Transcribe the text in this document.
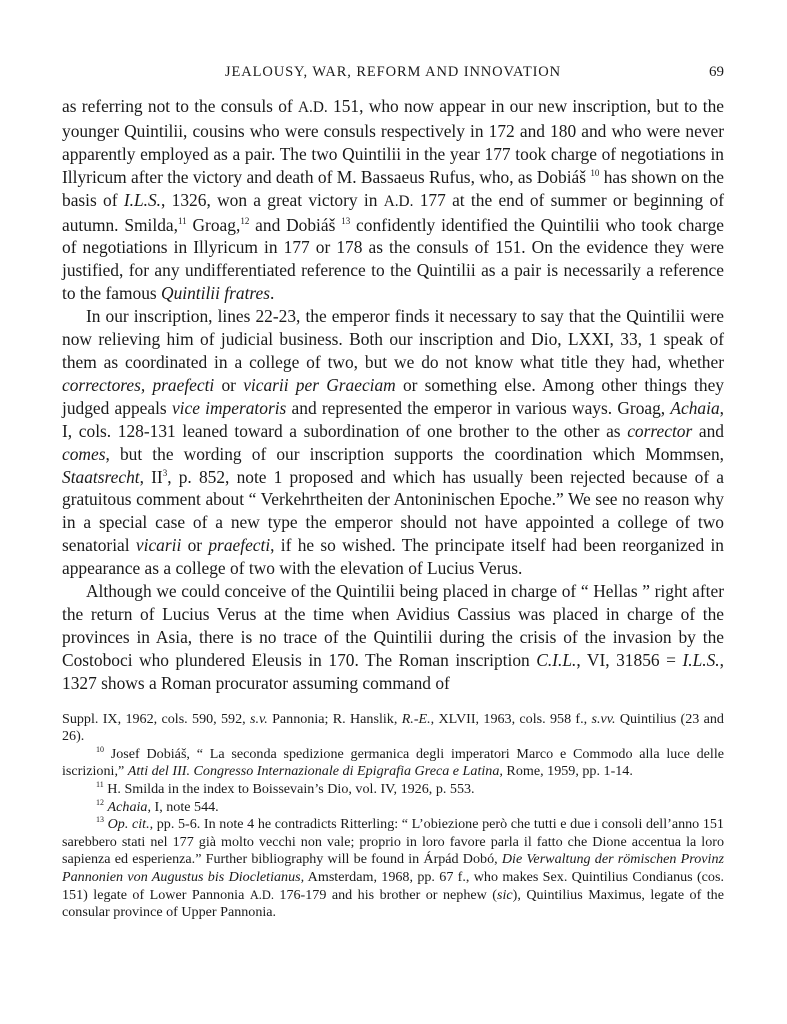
JEALOUSY, WAR, REFORM AND INNOVATION	69

as referring not to the consuls of A.D. 151, who now appear in our new inscription, but to the younger Quintilii, cousins who were consuls respectively in 172 and 180 and who were never apparently employed as a pair. The two Quintilii in the year 177 took charge of negotiations in Illyricum after the victory and death of M. Bassaeus Rufus, who, as Dobiáš $^{10}$ has shown on the basis of I.L.S., 1326, won a great victory in A.D. 177 at the end of summer or beginning of autumn. Smilda,$^{11}$ Groag,$^{12}$ and Dobiáš $^{13}$ confidently identified the Quintilii who took charge of negotiations in Illyricum in 177 or 178 as the consuls of 151. On the evidence they were justified, for any undifferentiated reference to the Quintilii as a pair is necessarily a reference to the famous Quintilii fratres.

In our inscription, lines 22-23, the emperor finds it necessary to say that the Quintilii were now relieving him of judicial business. Both our inscription and Dio, LXXI, 33, 1 speak of them as coordinated in a college of two, but we do not know what title they had, whether correctores, praefecti or vicarii per Graeciam or something else. Among other things they judged appeals vice imperatoris and represented the emperor in various ways. Groag, Achaia, I, cols. 128-131 leaned toward a subordination of one brother to the other as corrector and comes, but the wording of our inscription supports the coordination which Mommsen, Staatsrecht, $II^3$, p. 852, note 1 proposed and which has usually been rejected because of a gratuitous comment about “ Verkehrtheiten der Antoninischen Epoche.” We see no reason why in a special case of a new type the emperor should not have appointed a college of two senatorial vicarii or praefecti, if he so wished. The principate itself had been reorganized in appearance as a college of two with the elevation of Lucius Verus.

Although we could conceive of the Quintilii being placed in charge of “ Hellas ” right after the return of Lucius Verus at the time when Avidius Cassius was placed in charge of the provinces in Asia, there is no trace of the Quintilii during the crisis of the invasion by the Costoboci who plundered Eleusis in 170. The Roman inscription C.I.L., VI, 31856 = I.L.S., 1327 shows a Roman procurator assuming command of

Suppl. IX, 1962, cols. 590, 592, s.v. Pannonia; R. Hanslik, R.-E., XLVII, 1963, cols. 958 f., s.vv. Quintilius (23 and 26).

$^{10}$ Josef Dobiáš, “ La seconda spedizione germanica degli imperatori Marco e Commodo alla luce delle iscrizioni,” Atti del III. Congresso Internazionale di Epigrafia Greca e Latina, Rome, 1959, pp. 1-14.

$^{11}$ H. Smilda in the index to Boissevain’s Dio, vol. IV, 1926, p. 553.

$^{12}$ Achaia, I, note 544.

$^{13}$ Op. cit., pp. 5-6. In note 4 he contradicts Ritterling: “ L’obiezione però che tutti e due i consoli dell’anno 151 sarebbero stati nel 177 già molto vecchi non vale; proprio in loro favore parla il fatto che Dione accentua la loro sapienza ed esperienza.” Further bibliography will be found in Árpád Dobó, Die Verwaltung der römischen Provinz Pannonien von Augustus bis Diocletianus, Amsterdam, 1968, pp. 67 f., who makes Sex. Quintilius Condianus (cos. 151) legate of Lower Pannonia A.D. 176-179 and his brother or nephew (sic), Quintilius Maximus, legate of the consular province of Upper Pannonia.
